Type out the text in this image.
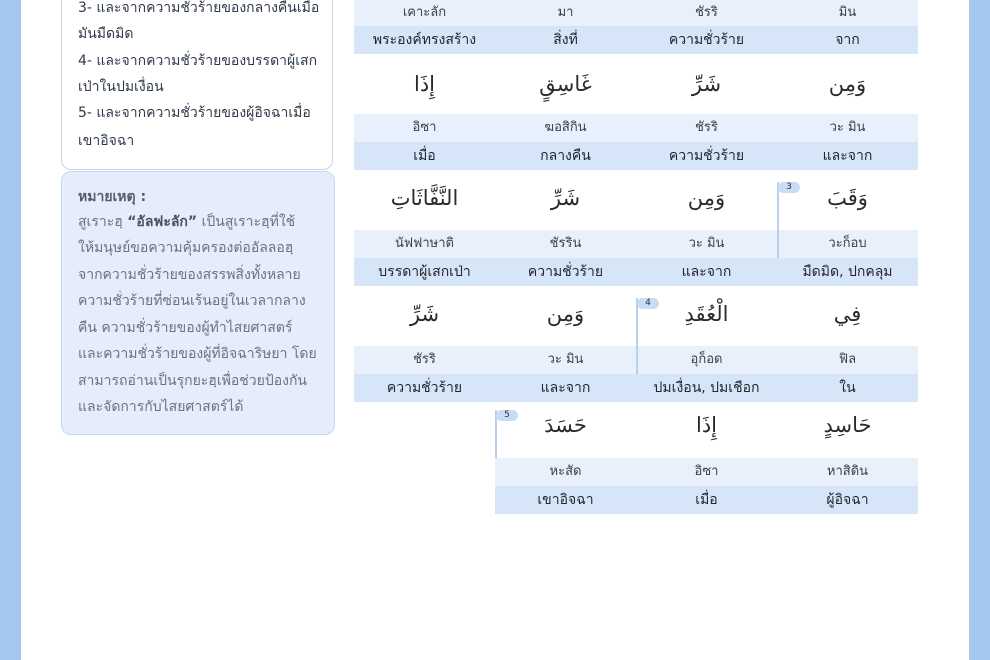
3- และจากความชั่วร้ายของกลางคืนเมื่อ
มันมืดมิด
4- และจากความชั่วร้ายของบรรดาผู้เสก
เป่าในปมเงื่อน
5- และจากความชั่วร้ายของผู้อิจฉาเมื่อ
เขาอิจฉา
หมายเหตุ :
สูเราะฮฺ “อัลฟะลัก” เป็นสูเราะฮฺที่ใช้
ให้มนุษย์ขอความคุ้มครองต่ออัลลอฮฺ
จากความชั่วร้ายของสรรพสิ่งทั้งหลาย
ความชั่วร้ายที่ซ่อนเร้นอยู่ในเวลากลาง
คืน ความชั่วร้ายของผู้ทำไสยศาสตร์
และความชั่วร้ายของผู้ที่อิจฉาริษยา โดย
สามารถอ่านเป็นรุกยะฮฺเพื่อช่วยป้องกัน
และจัดการกับไสยศาสตร์ได้
เคาะลัก
พระองค์ทรงสร้าง
มา
สิ่งที่
ชัรริ
ความชั่วร้าย
มิน
จาก
إِذَا
อิซา
เมื่อ
غَاسِقٍ
ฆอสิกิน
กลางคืน
شَرِّ
ชัรริ
ความชั่วร้าย
وَمِن
วะ มิน
และจาก
النَّفَّاثَاتِ
นัฟฟาษาติ
บรรดาผู้เสกเป่า
شَرِّ
ชัรริน
ความชั่วร้าย
وَمِن
วะ มิน
และจาก
وَقَبَ
วะก็อบ
มืดมิด, ปกคลุม
3
شَرِّ
ชัรริ
ความชั่วร้าย
وَمِن
วะ มิน
และจาก
الْعُقَدِ
อุก็อด
ปมเงื่อน, ปมเชือก
فِي
ฟิล
ใน
4
حَسَدَ
หะสัด
เขาอิจฉา
إِذَا
อิซา
เมื่อ
حَاسِدٍ
หาสิดิน
ผู้อิจฉา
5
